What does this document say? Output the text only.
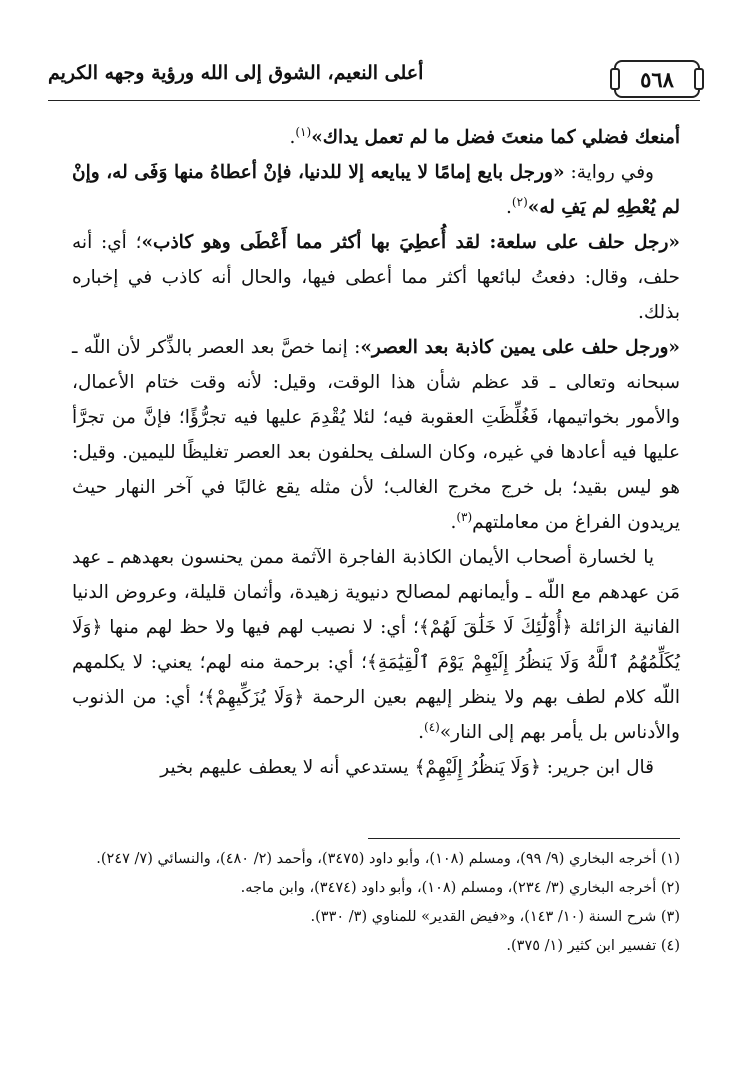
٥٦٨
أعلى النعيم، الشوق إلى الله ورؤية وجهه الكريم

أمنعك فضلي كما منعتَ فضل ما لم تعمل يداك»$^{(١)}$.

وفي رواية: «ورجل بايع إمامًا لا يبايعه إلا للدنيا، فإنْ أعطاهُ منها وَفَى له، وإنْ لم يُعْطِهِ لم يَفِ له»$^{(٢)}$.

«رجل حلف على سلعة: لقد أُعطِيَ بها أكثر مما أَعْطَى وهو كاذب»؛ أي: أنه حلف، وقال: دفعتُ لبائعها أكثر مما أعطى فيها، والحال أنه كاذب في إخباره بذلك.

«ورجل حلف على يمين كاذبة بعد العصر»: إنما خصَّ بعد العصر بالذِّكر لأن اللّه ـ سبحانه وتعالى ـ قد عظم شأن هذا الوقت، وقيل: لأنه وقت ختام الأعمال، والأمور بخواتيمها، فَغُلِّظَتِ العقوبة فيه؛ لئلا يُقْدِمَ عليها فيه تجرُّؤًا؛ فإنَّ من تجرَّأ عليها فيه أعادها في غيره، وكان السلف يحلفون بعد العصر تغليظًا لليمين. وقيل: هو ليس بقيد؛ بل خرج مخرج الغالب؛ لأن مثله يقع غالبًا في آخر النهار حيث يريدون الفراغ من معاملتهم$^{(٣)}$.

يا لخسارة أصحاب الأيمان الكاذبة الفاجرة الآثمة ممن يحنسون بعهدهم ـ عهد مَن عهدهم مع اللّه ـ وأيمانهم لمصالح دنيوية زهيدة، وأثمان قليلة، وعروض الدنيا الفانية الزائلة ﴿أُوْلَٰٓئِكَ لَا خَلَٰقَ لَهُمْ﴾؛ أي: لا نصيب لهم فيها ولا حظ لهم منها ﴿وَلَا يُكَلِّمُهُمُ ٱللَّهُ وَلَا يَنظُرُ إِلَيْهِمْ يَوْمَ ٱلْقِيَٰمَةِ﴾؛ أي: برحمة منه لهم؛ يعني: لا يكلمهم اللّه كلام لطف بهم ولا ينظر إليهم بعين الرحمة ﴿وَلَا يُزَكِّيهِمْ﴾؛ أي: من الذنوب والأدناس بل يأمر بهم إلى النار»$^{(٤)}$.

قال ابن جرير: ﴿وَلَا يَنظُرُ إِلَيْهِمْ﴾ يستدعي أنه لا يعطف عليهم بخير

(١) أخرجه البخاري (٩/ ٩٩)، ومسلم (١٠٨)، وأبو داود (٣٤٧٥)، وأحمد (٢/ ٤٨٠)، والنسائي (٧/ ٢٤٧).
(٢) أخرجه البخاري (٣/ ٢٣٤)، ومسلم (١٠٨)، وأبو داود (٣٤٧٤)، وابن ماجه.
(٣) شرح السنة (١٠/ ١٤٣)، و«فيض القدير» للمناوي (٣/ ٣٣٠).
(٤) تفسير ابن كثير (١/ ٣٧٥).
